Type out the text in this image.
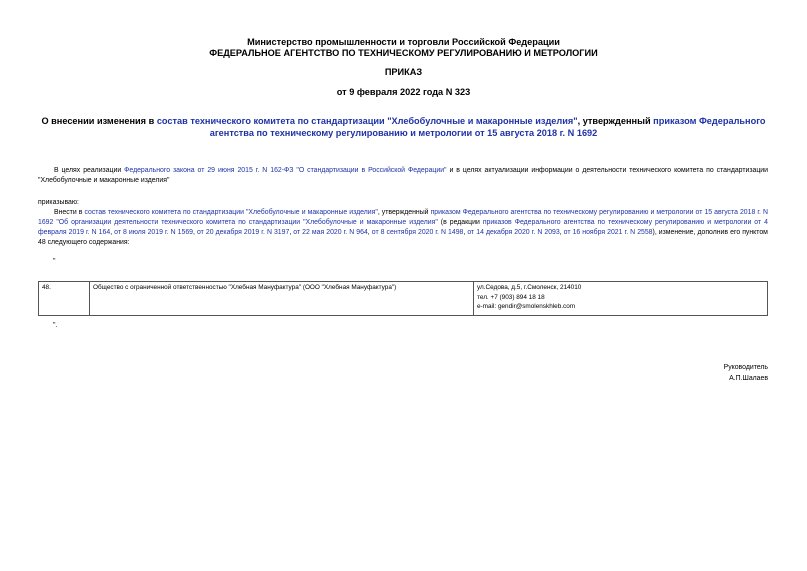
Министерство промышленности и торговли Российской Федерации
ФЕДЕРАЛЬНОЕ АГЕНТСТВО ПО ТЕХНИЧЕСКОМУ РЕГУЛИРОВАНИЮ И МЕТРОЛОГИИ
ПРИКАЗ
от 9 февраля 2022 года N 323
О внесении изменения в состав технического комитета по стандартизации "Хлебобулочные и макаронные изделия", утвержденный приказом Федерального агентства по техническому регулированию и метрологии от 15 августа 2018 г. N 1692
В целях реализации Федерального закона от 29 июня 2015 г. N 162-ФЗ "О стандартизации в Российской Федерации" и в целях актуализации информации о деятельности технического комитета по стандартизации "Хлебобулочные и макаронные изделия"
приказываю:
Внести в состав технического комитета по стандартизации "Хлебобулочные и макаронные изделия", утвержденный приказом Федерального агентства по техническому регулированию и метрологии от 15 августа 2018 г. N 1692 "Об организации деятельности технического комитета по стандартизации "Хлебобулочные и макаронные изделия" (в редакции приказов Федерального агентства по техническому регулированию и метрологии от 4 февраля 2019 г. N 164, от 8 июля 2019 г. N 1569, от 20 декабря 2019 г. N 3197, от 22 мая 2020 г. N 964, от 8 сентября 2020 г. N 1498, от 14 декабря 2020 г. N 2093, от 16 ноября 2021 г. N 2558), изменение, дополнив его пунктом 48 следующего содержания:
"
48.	Общество с ограниченной ответственностью "Хлебная Мануфактура" (ООО "Хлебная Мануфактура")	ул.Седова, д.5, г.Смоленск, 214010
тел. +7 (903) 894 18 18
e-mail: gendir@smolenskhleb.com
".
Руководитель
А.П.Шалаев
